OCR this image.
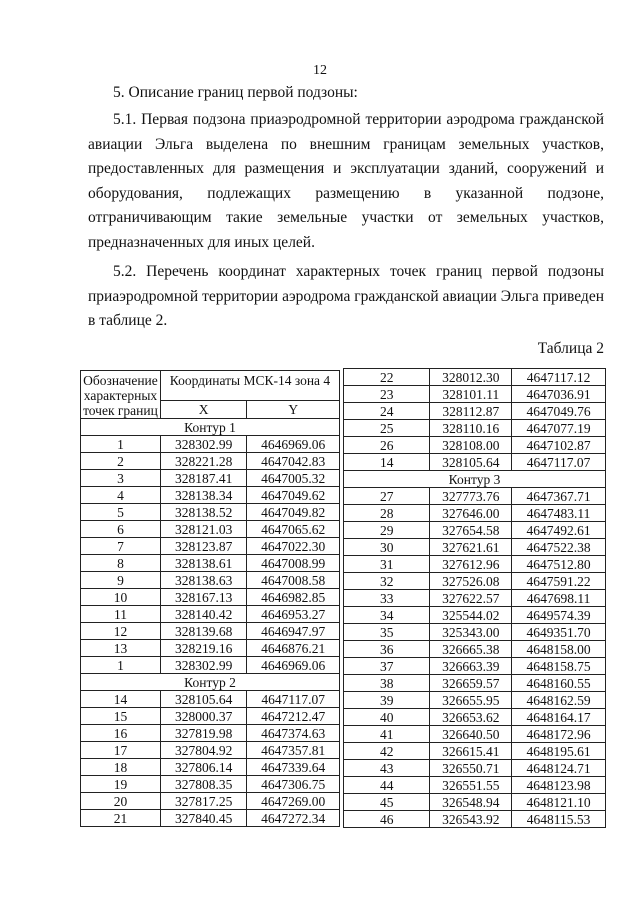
12
5. Описание границ первой подзоны:
5.1. Первая подзона приаэродромной территории аэродрома гражданской авиации Эльга выделена по внешним границам земельных участков, предоставленных для размещения и эксплуатации зданий, сооружений и оборудования, подлежащих размещению в указанной подзоне, отграничивающим такие земельные участки от земельных участков, предназначенных для иных целей.
5.2. Перечень координат характерных точек границ первой подзоны приаэродромной территории аэродрома гражданской авиации Эльга приведен в таблице 2.
Таблица 2
Обозначение характерных точек границ	Координаты МСК-14 зона 4	
	X	Y
Контур 1		
1	328302.99	4646969.06
2	328221.28	4647042.83
3	328187.41	4647005.32
4	328138.34	4647049.62
5	328138.52	4647049.82
6	328121.03	4647065.62
7	328123.87	4647022.30
8	328138.61	4647008.99
9	328138.63	4647008.58
10	328167.13	4646982.85
11	328140.42	4646953.27
12	328139.68	4646947.97
13	328219.16	4646876.21
1	328302.99	4646969.06
Контур 2		
14	328105.64	4647117.07
15	328000.37	4647212.47
16	327819.98	4647374.63
17	327804.92	4647357.81
18	327806.14	4647339.64
19	327808.35	4647306.75
20	327817.25	4647269.00
21	327840.45	4647272.34
22	328012.30	4647117.12
23	328101.11	4647036.91
24	328112.87	4647049.76
25	328110.16	4647077.19
26	328108.00	4647102.87
14	328105.64	4647117.07
Контур 3		
27	327773.76	4647367.71
28	327646.00	4647483.11
29	327654.58	4647492.61
30	327621.61	4647522.38
31	327612.96	4647512.80
32	327526.08	4647591.22
33	327622.57	4647698.11
34	325544.02	4649574.39
35	325343.00	4649351.70
36	326665.38	4648158.00
37	326663.39	4648158.75
38	326659.57	4648160.55
39	326655.95	4648162.59
40	326653.62	4648164.17
41	326640.50	4648172.96
42	326615.41	4648195.61
43	326550.71	4648124.71
44	326551.55	4648123.98
45	326548.94	4648121.10
46	326543.92	4648115.53
